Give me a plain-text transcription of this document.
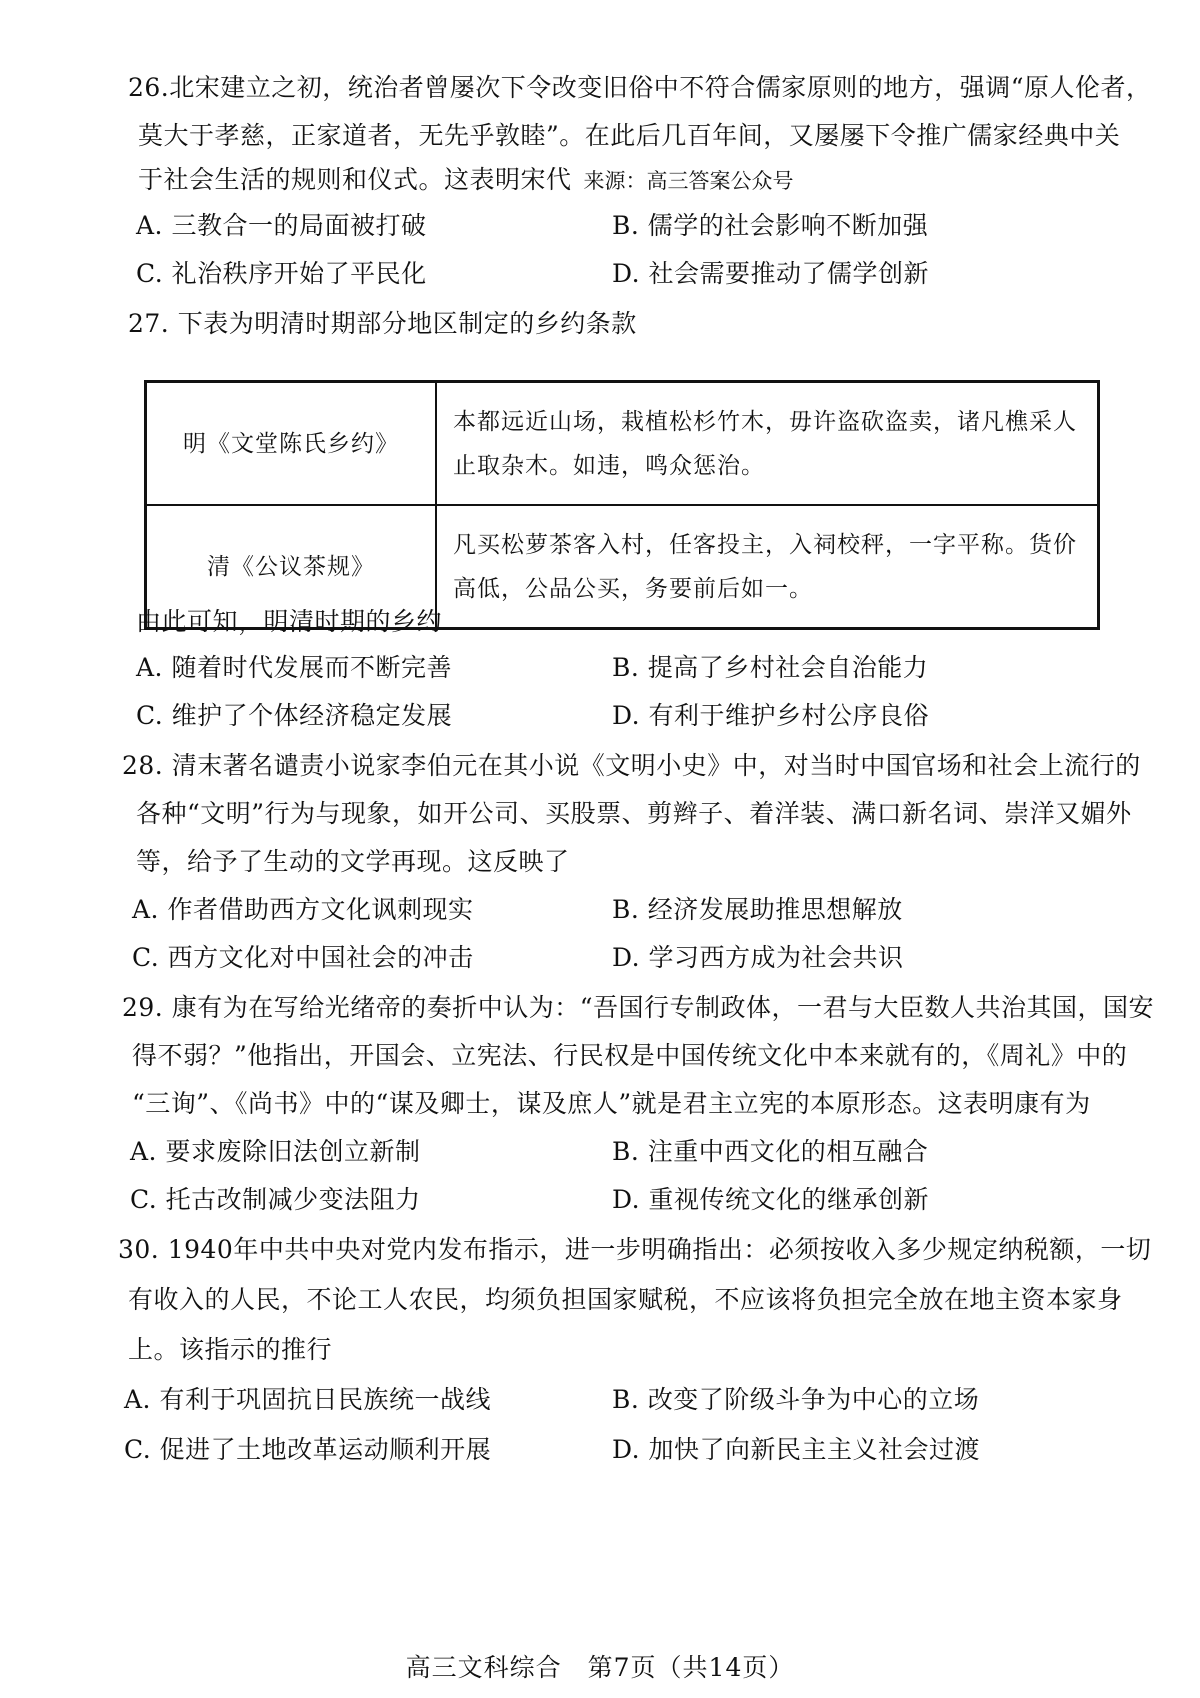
26.北宋建立之初，统治者曾屡次下令改变旧俗中不符合儒家原则的地方，强调“原人伦者，
莫大于孝慈，正家道者，无先乎敦睦”。在此后几百年间，又屡屡下令推广儒家经典中关
于社会生活的规则和仪式。这表明宋代 来源：高三答案公众号
A. 三教合一的局面被打破	B. 儒学的社会影响不断加强
C. 礼治秩序开始了平民化	D. 社会需要推动了儒学创新
27. 下表为明清时期部分地区制定的乡约条款
明《文堂陈氏乡约》	本都远近山场，栽植松杉竹木，毋许盗砍盗卖，诸凡樵采人止取杂木。如违，鸣众惩治。
清《公议茶规》	凡买松萝茶客入村，任客投主，入祠校秤，一字平称。货价高低，公品公买，务要前后如一。
由此可知，明清时期的乡约
A. 随着时代发展而不断完善	B. 提高了乡村社会自治能力
C. 维护了个体经济稳定发展	D. 有利于维护乡村公序良俗
28. 清末著名谴责小说家李伯元在其小说《文明小史》中，对当时中国官场和社会上流行的
各种“文明”行为与现象，如开公司、买股票、剪辫子、着洋装、满口新名词、崇洋又媚外
等，给予了生动的文学再现。这反映了
A. 作者借助西方文化讽刺现实	B. 经济发展助推思想解放
C. 西方文化对中国社会的冲击	D. 学习西方成为社会共识
29. 康有为在写给光绪帝的奏折中认为：“吾国行专制政体，一君与大臣数人共治其国，国安
得不弱？”他指出，开国会、立宪法、行民权是中国传统文化中本来就有的，《周礼》中的
“三询”、《尚书》中的“谋及卿士，谋及庶人”就是君主立宪的本原形态。这表明康有为
A. 要求废除旧法创立新制	B. 注重中西文化的相互融合
C. 托古改制减少变法阻力	D. 重视传统文化的继承创新
30. 1940年中共中央对党内发布指示，进一步明确指出：必须按收入多少规定纳税额，一切
有收入的人民，不论工人农民，均须负担国家赋税，不应该将负担完全放在地主资本家身
上。该指示的推行
A. 有利于巩固抗日民族统一战线	B. 改变了阶级斗争为中心的立场
C. 促进了土地改革运动顺利开展	D. 加快了向新民主主义社会过渡
高三文科综合　第7页（共14页）
